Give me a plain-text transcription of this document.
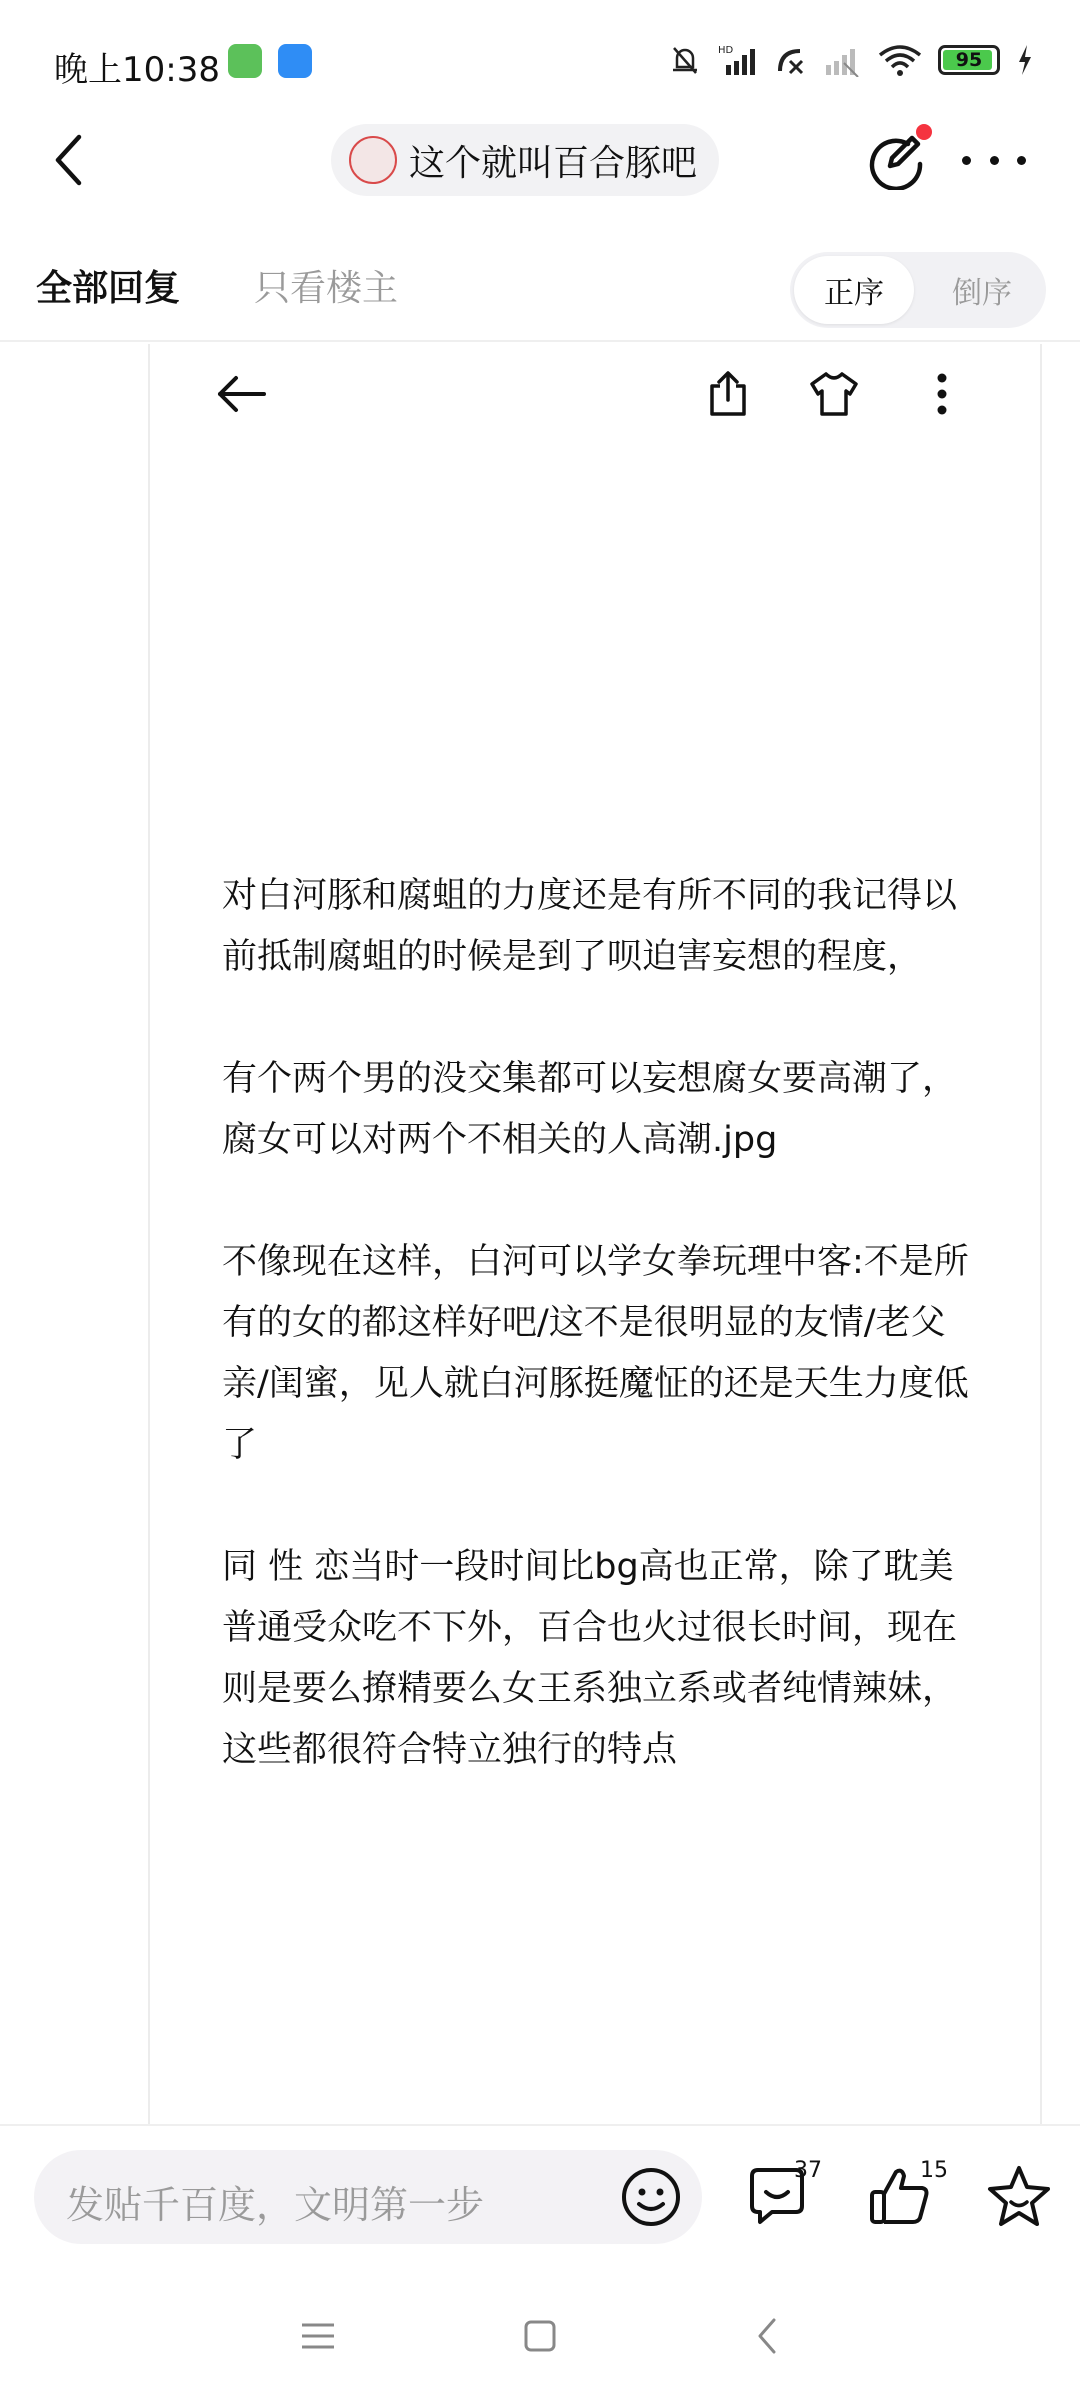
晚上10:38	HD	95
这个就叫百合豚吧
全部回复 只看楼主	正序	倒序

对白河豚和腐蛆的力度还是有所不同的我记得以前抵制腐蛆的时候是到了呗迫害妄想的程度，

有个两个男的没交集都可以妄想腐女要高潮了，腐女可以对两个不相关的人高潮.jpg

不像现在这样，白河可以学女拳玩理中客:不是所有的女的都这样好吧/这不是很明显的友情/老父亲/闺蜜，见人就白河豚挺魔怔的还是天生力度低了

同 性 恋当时一段时间比bg高也正常，除了耽美普通受众吃不下外，百合也火过很长时间，现在则是要么撩精要么女王系独立系或者纯情辣妹，这些都很符合特立独行的特点

发贴千百度，文明第一步
37	15
